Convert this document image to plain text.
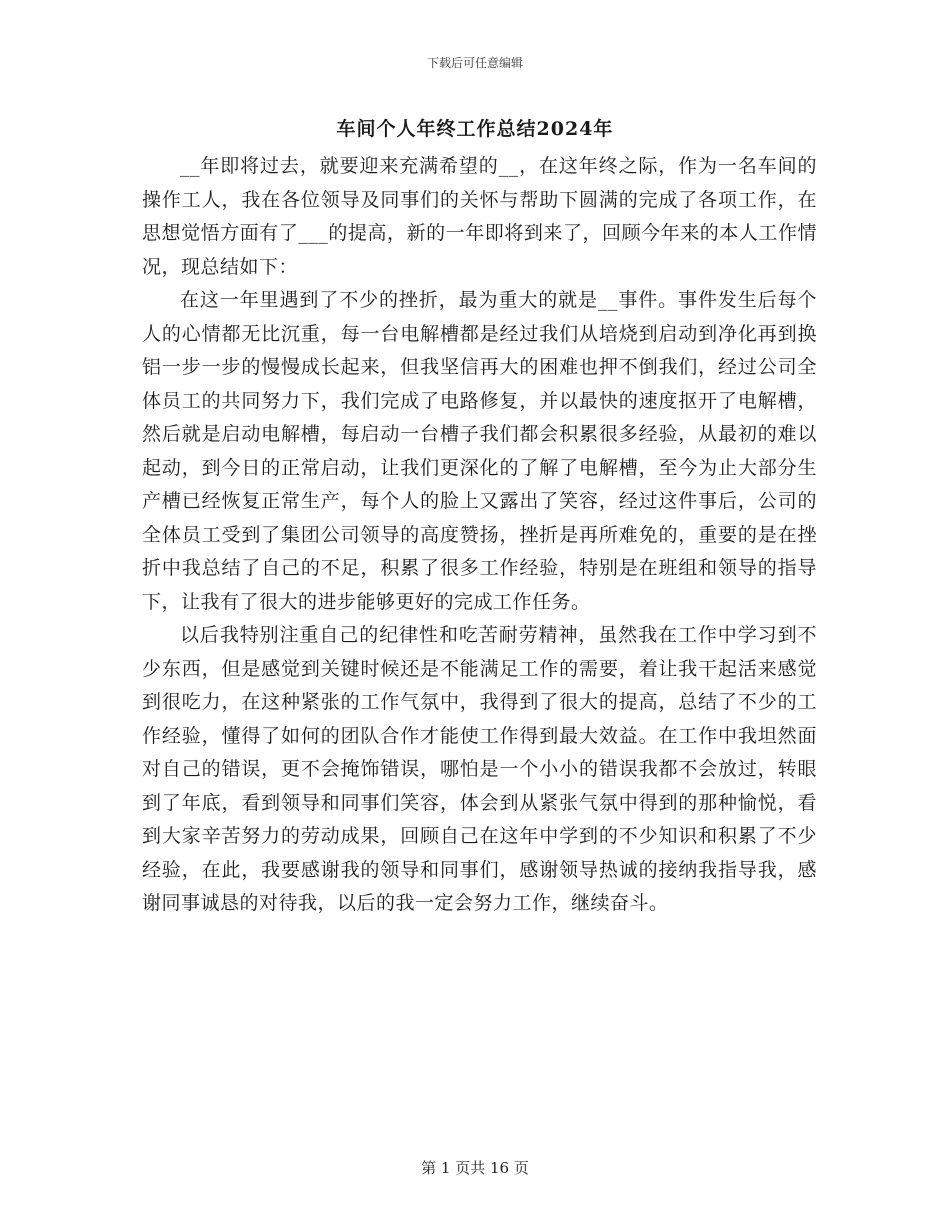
下载后可任意编辑
车间个人年终工作总结2024年

__年即将过去，就要迎来充满希望的__，在这年终之际，作为一名车间的操作工人，我在各位领导及同事们的关怀与帮助下圆满的完成了各项工作，在思想觉悟方面有了___的提高，新的一年即将到来了，回顾今年来的本人工作情况，现总结如下：

在这一年里遇到了不少的挫折，最为重大的就是__事件。事件发生后每个人的心情都无比沉重，每一台电解槽都是经过我们从培烧到启动到净化再到换铝一步一步的慢慢成长起来，但我坚信再大的困难也押不倒我们，经过公司全体员工的共同努力下，我们完成了电路修复，并以最快的速度抠开了电解槽，然后就是启动电解槽，每启动一台槽子我们都会积累很多经验，从最初的难以起动，到今日的正常启动，让我们更深化的了解了电解槽，至今为止大部分生产槽已经恢复正常生产，每个人的脸上又露出了笑容，经过这件事后，公司的全体员工受到了集团公司领导的高度赞扬，挫折是再所难免的，重要的是在挫折中我总结了自己的不足，积累了很多工作经验，特别是在班组和领导的指导下，让我有了很大的进步能够更好的完成工作任务。

以后我特别注重自己的纪律性和吃苦耐劳精神，虽然我在工作中学习到不少东西，但是感觉到关键时候还是不能满足工作的需要，着让我干起活来感觉到很吃力，在这种紧张的工作气氛中，我得到了很大的提高，总结了不少的工作经验，懂得了如何的团队合作才能使工作得到最大效益。在工作中我坦然面对自己的错误，更不会掩饰错误，哪怕是一个小小的错误我都不会放过，转眼到了年底，看到领导和同事们笑容，体会到从紧张气氛中得到的那种愉悦，看到大家辛苦努力的劳动成果，回顾自己在这年中学到的不少知识和积累了不少经验，在此，我要感谢我的领导和同事们，感谢领导热诚的接纳我指导我，感谢同事诚恳的对待我，以后的我一定会努力工作，继续奋斗。

第 1 页共 16 页
